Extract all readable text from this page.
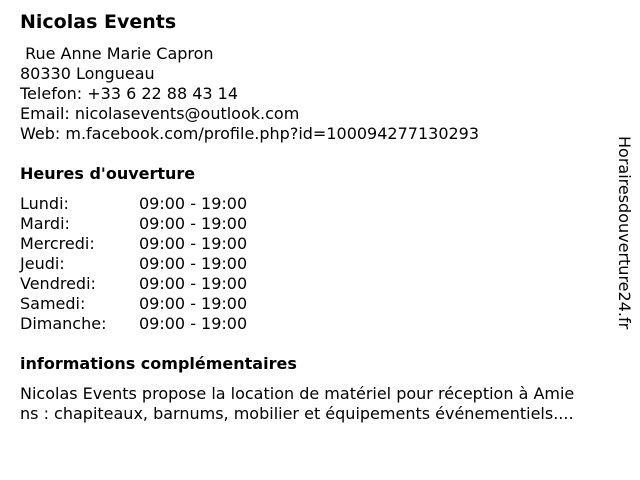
Nicolas Events
Rue Anne Marie Capron
80330 Longueau
Telefon: +33 6 22 88 43 14
Email: nicolasevents@outlook.com
Web: m.facebook.com/profile.php?id=100094277130293
Heures d'ouverture
Lundi:	09:00 - 19:00
Mardi:	09:00 - 19:00
Mercredi:	09:00 - 19:00
Jeudi:	09:00 - 19:00
Vendredi:	09:00 - 19:00
Samedi:	09:00 - 19:00
Dimanche: 09:00 - 19:00
informations complémentaires
Nicolas Events propose la location de matériel pour réception à Amie
ns : chapiteaux, barnums, mobilier et équipements événementiels....
Horairesdouverture24.fr
